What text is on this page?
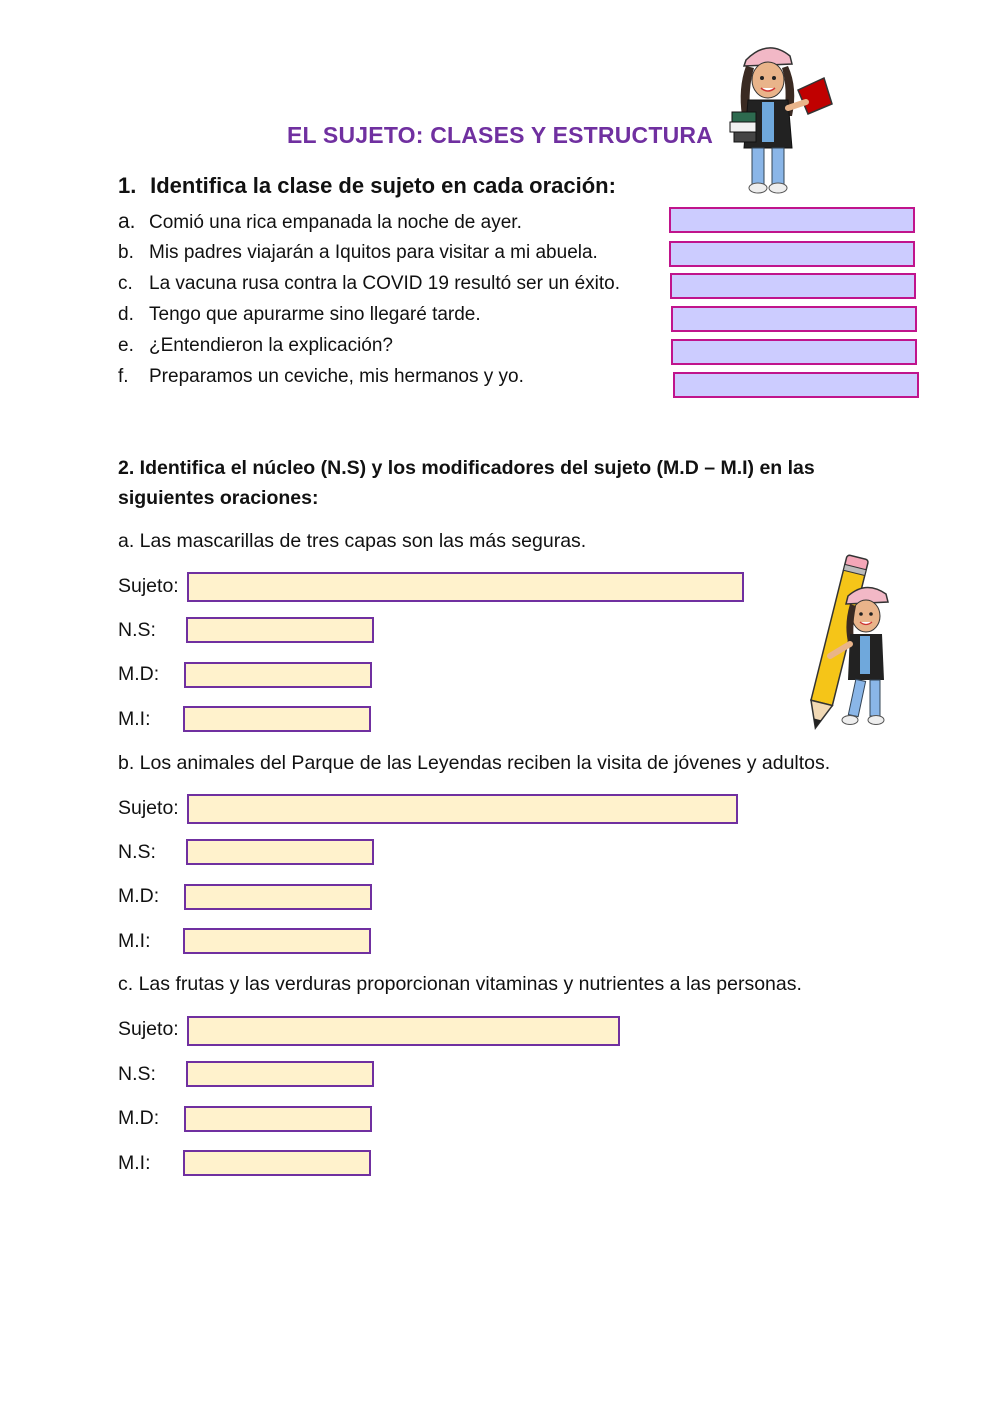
EL SUJETO: CLASES Y ESTRUCTURA
1. Identifica la clase de sujeto en cada oración:
a. Comió una rica empanada la noche de ayer.
b. Mis padres viajarán a Iquitos para visitar a mi abuela.
c. La vacuna rusa contra la COVID 19 resultó ser un éxito.
d. Tengo que apurarme sino llegaré tarde.
e. ¿Entendieron la explicación?
f. Preparamos un ceviche, mis hermanos y yo.
2. Identifica el núcleo (N.S) y los modificadores del sujeto (M.D – M.I) en las siguientes oraciones:
a. Las mascarillas de tres capas son las más seguras.
Sujeto:
N.S:
M.D:
M.I:
b. Los animales del Parque de las Leyendas reciben la visita de jóvenes y adultos.
Sujeto:
N.S:
M.D:
M.I:
c. Las frutas y las verduras proporcionan vitaminas y nutrientes a las personas.
Sujeto:
N.S:
M.D:
M.I:
